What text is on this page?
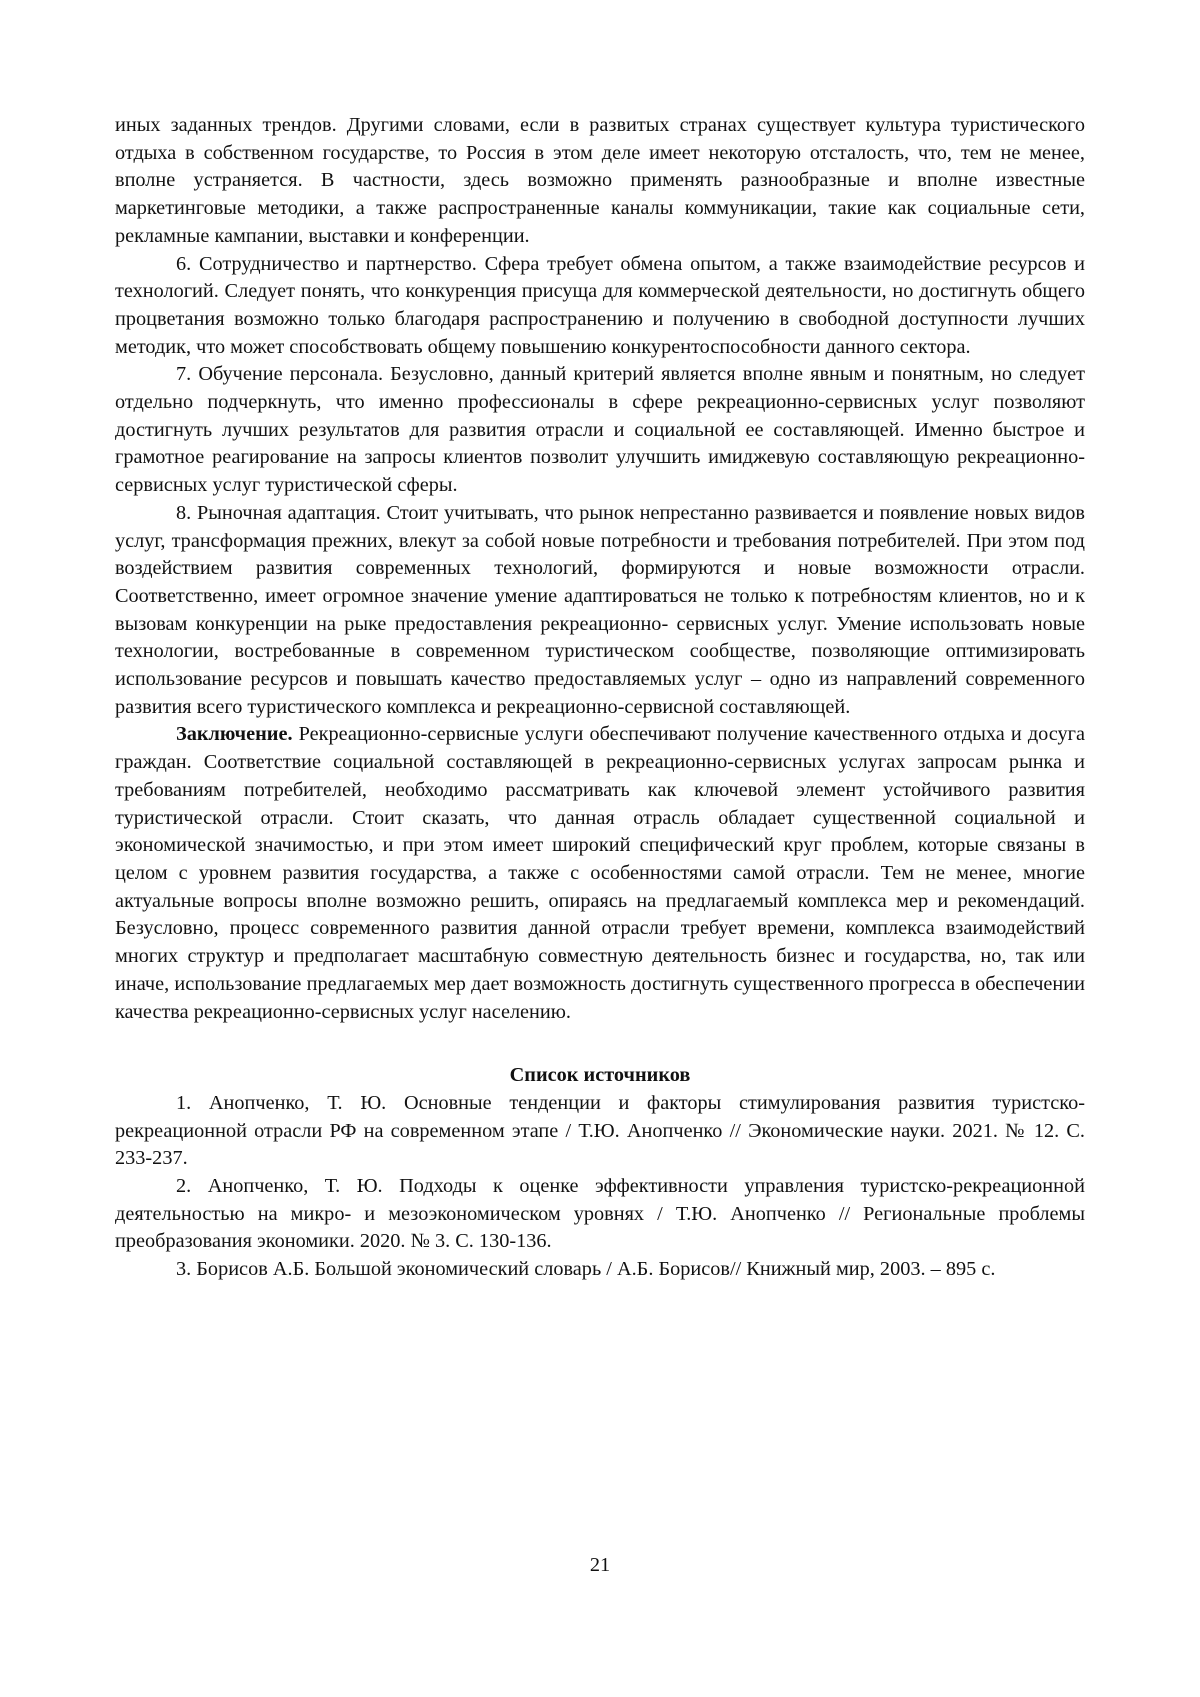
иных заданных трендов. Другими словами, если в развитых странах существует культура туристического отдыха в собственном государстве, то Россия в этом деле имеет некоторую отсталость, что, тем не менее, вполне устраняется. В частности, здесь возможно применять разнообразные и вполне известные маркетинговые методики, а также распространенные каналы коммуникации, такие как социальные сети, рекламные кампании, выставки и конференции.

6. Сотрудничество и партнерство. Сфера требует обмена опытом, а также взаимодействие ресурсов и технологий. Следует понять, что конкуренция присуща для коммерческой деятельности, но достигнуть общего процветания возможно только благодаря распространению и получению в свободной доступности лучших методик, что может способствовать общему повышению конкурентоспособности данного сектора.

7. Обучение персонала. Безусловно, данный критерий является вполне явным и понятным, но следует отдельно подчеркнуть, что именно профессионалы в сфере рекреационно-сервисных услуг позволяют достигнуть лучших результатов для развития отрасли и социальной ее составляющей. Именно быстрое и грамотное реагирование на запросы клиентов позволит улучшить имиджевую составляющую рекреационно-сервисных услуг туристической сферы.

8. Рыночная адаптация. Стоит учитывать, что рынок непрестанно развивается и появление новых видов услуг, трансформация прежних, влекут за собой новые потребности и требования потребителей. При этом под воздействием развития современных технологий, формируются и новые возможности отрасли. Соответственно, имеет огромное значение умение адаптироваться не только к потребностям клиентов, но и к вызовам конкуренции на рыке предоставления рекреационно- сервисных услуг. Умение использовать новые технологии, востребованные в современном туристическом сообществе, позволяющие оптимизировать использование ресурсов и повышать качество предоставляемых услуг – одно из направлений современного развития всего туристического комплекса и рекреационно-сервисной составляющей.

Заключение. Рекреационно-сервисные услуги обеспечивают получение качественного отдыха и досуга граждан. Соответствие социальной составляющей в рекреационно-сервисных услугах запросам рынка и требованиям потребителей, необходимо рассматривать как ключевой элемент устойчивого развития туристической отрасли. Стоит сказать, что данная отрасль обладает существенной социальной и экономической значимостью, и при этом имеет широкий специфический круг проблем, которые связаны в целом с уровнем развития государства, а также с особенностями самой отрасли. Тем не менее, многие актуальные вопросы вполне возможно решить, опираясь на предлагаемый комплекса мер и рекомендаций. Безусловно, процесс современного развития данной отрасли требует времени, комплекса взаимодействий многих структур и предполагает масштабную совместную деятельность бизнес и государства, но, так или иначе, использование предлагаемых мер дает возможность достигнуть существенного прогресса в обеспечении качества рекреационно-сервисных услуг населению.

Список источников

1. Анопченко, Т. Ю. Основные тенденции и факторы стимулирования развития туристско-рекреационной отрасли РФ на современном этапе / Т.Ю. Анопченко // Экономические науки. 2021. № 12. С. 233-237.

2. Анопченко, Т. Ю. Подходы к оценке эффективности управления туристско-рекреационной деятельностью на микро- и мезоэкономическом уровнях / Т.Ю. Анопченко // Региональные проблемы преобразования экономики. 2020. № 3. С. 130-136.

3. Борисов А.Б. Большой экономический словарь / А.Б. Борисов// Книжный мир, 2003. – 895 с.

21
